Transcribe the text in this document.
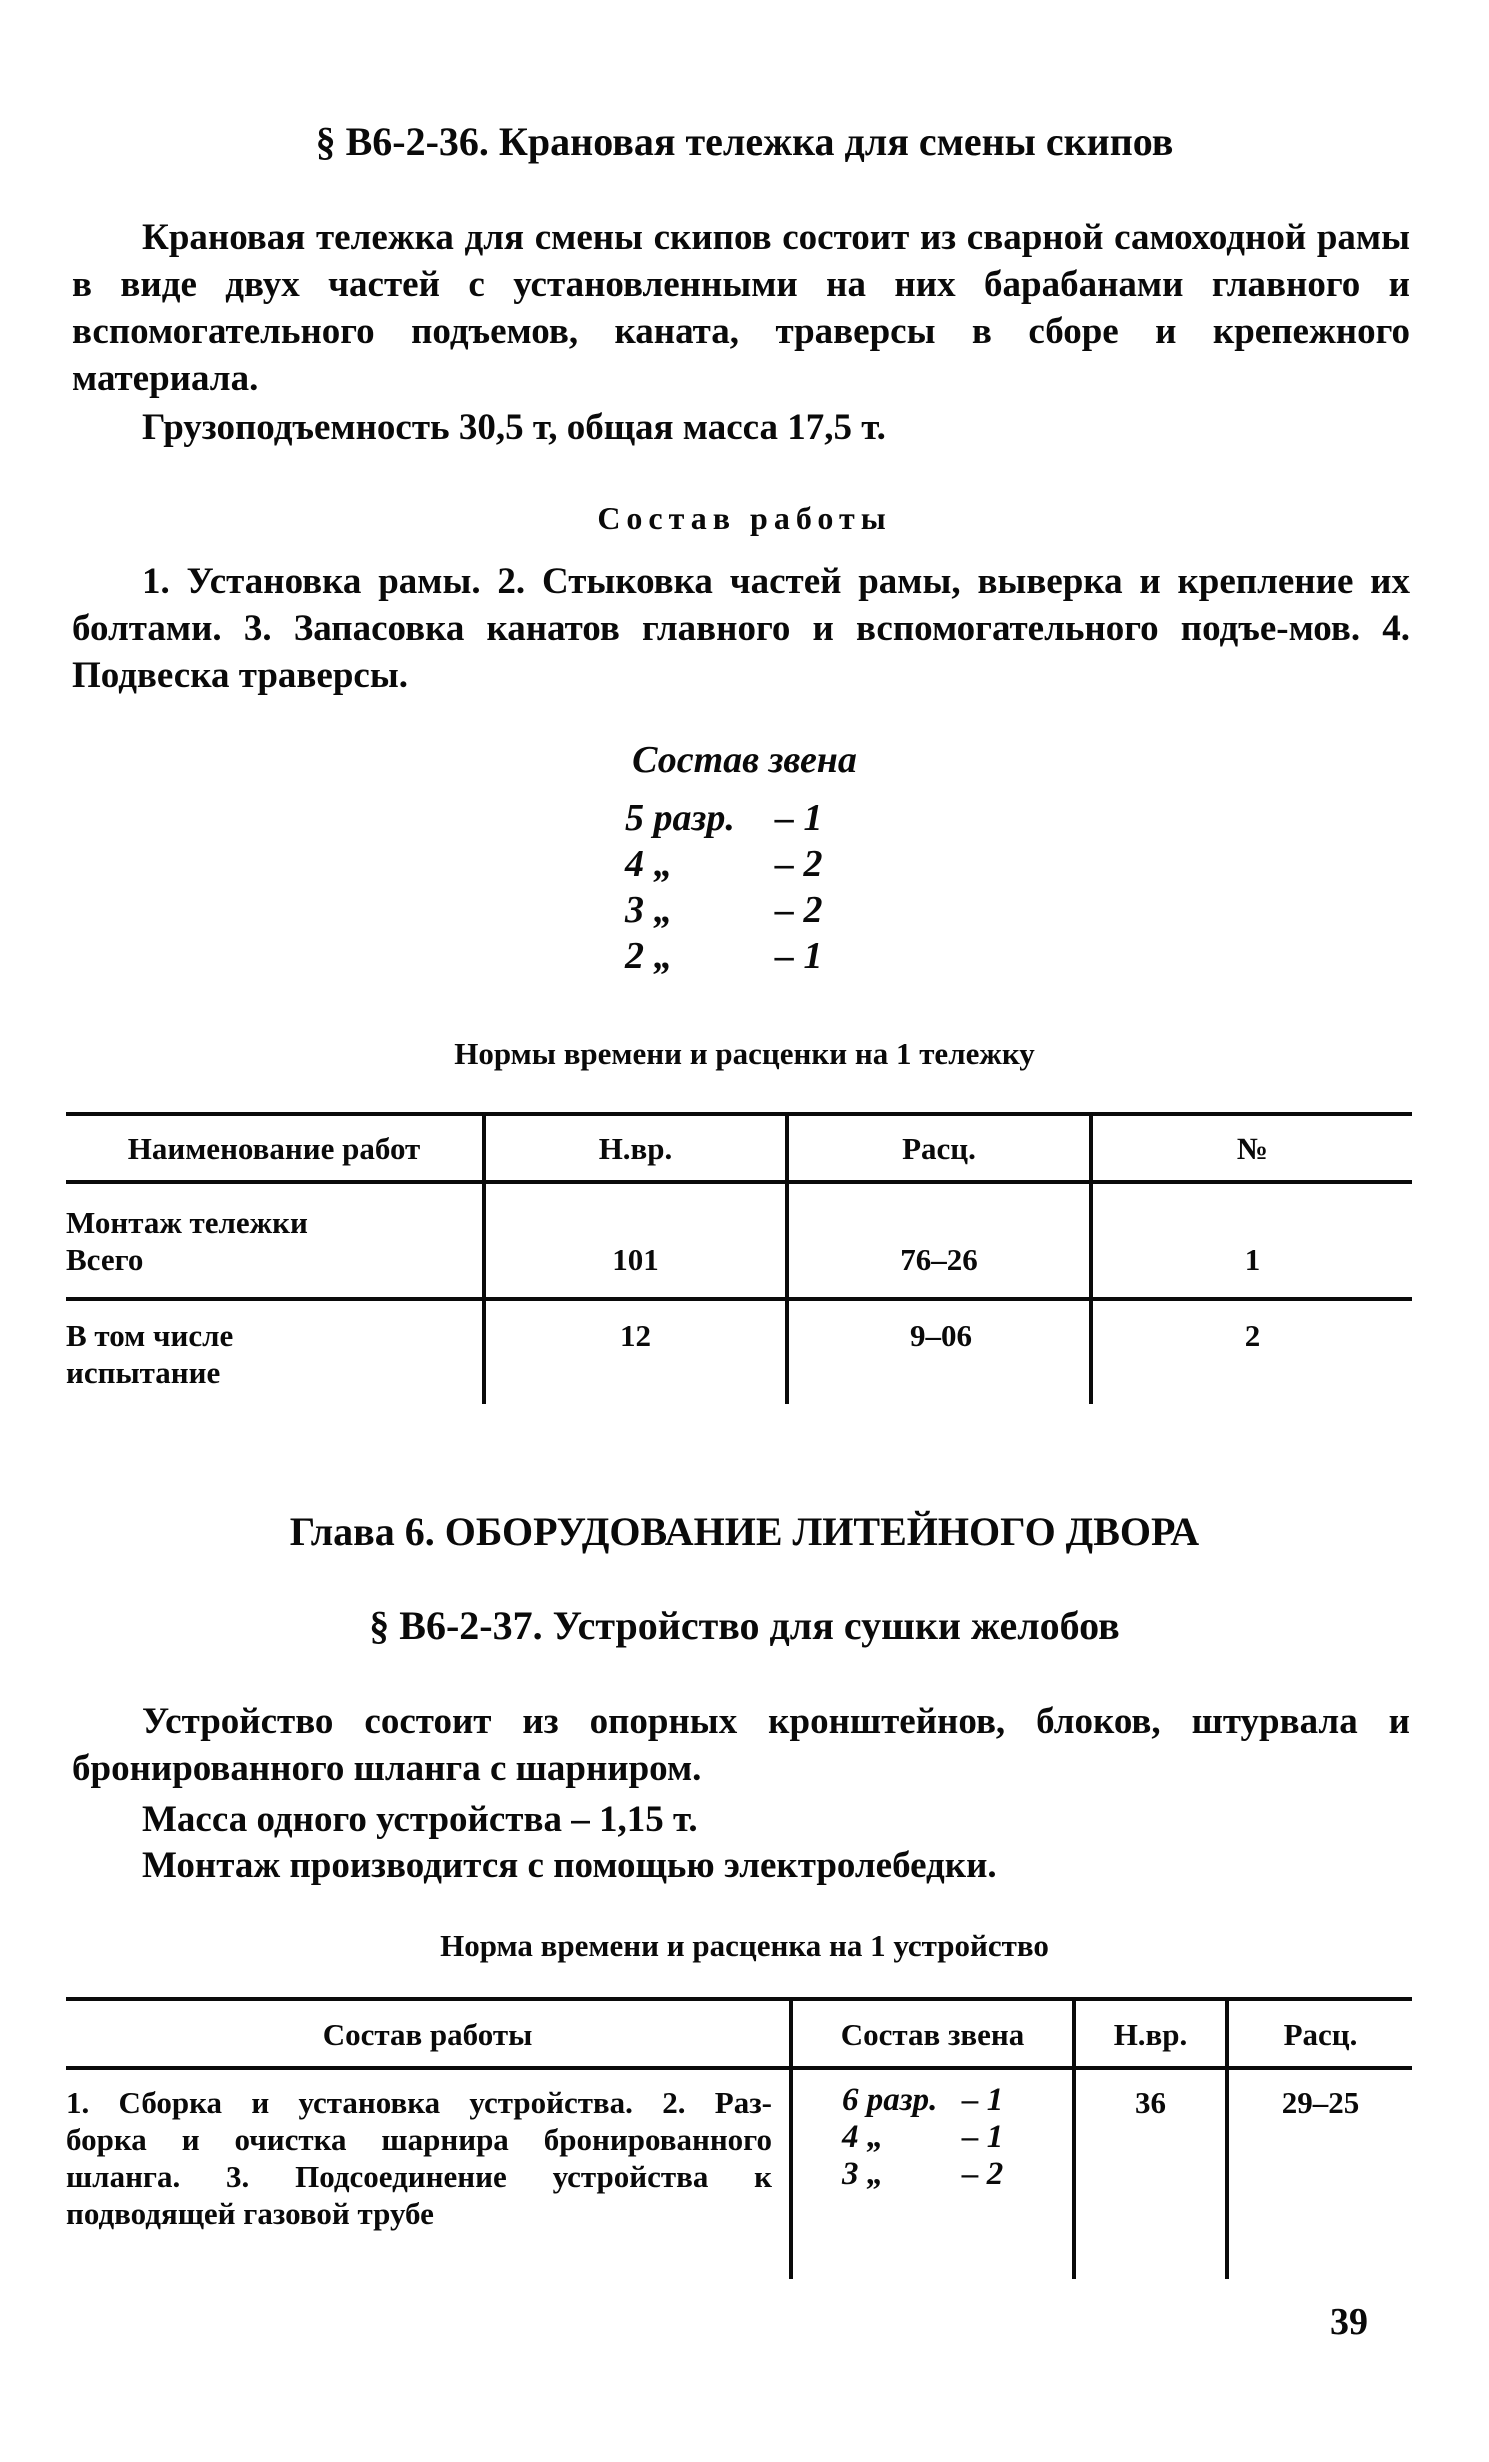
§ В6-2-36. Крановая тележка для смены скипов
Крановая тележка для смены скипов состоит из сварной самоходной рамы в виде двух частей с установленными на них барабанами главного и вспомогательного подъемов, каната, траверсы в сборе и крепежного материала.
Грузоподъемность 30,5 т, общая масса 17,5 т.
Состав работы
1. Установка рамы. 2. Стыковка частей рамы, выверка и крепление их болтами. 3. Запасовка канатов главного и вспомогательного подъе-мов. 4. Подвеска траверсы.
Состав звена
5 разр. – 1
4 „	– 2
3 „	– 2
2 „	– 1
Нормы времени и расценки на 1 тележку
Наименование работ	Н.вр.	Расц.	№
Монтаж тележки
Всего	101	76–26	1
В том числе
испытание
12	9–06	2
Глава 6. ОБОРУДОВАНИЕ ЛИТЕЙНОГО ДВОРА
§ В6-2-37. Устройство для сушки желобов
Устройство состоит из опорных кронштейнов, блоков, штурвала и бронированного шланга с шарниром.
Масса одного устройства – 1,15 т.
Монтаж производится с помощью электролебедки.
Норма времени и расценка на 1 устройство
Состав работы	Состав звена	Н.вр.	Расц.
1. Сборка и установка устройства. 2. Раз-
борка и очистка шарнира бронированного
шланга. 3. Подсоединение устройства к
подводящей газовой трубе
6 разр. – 1
4 „ – 1
3 „ – 2
36	29–25
39
